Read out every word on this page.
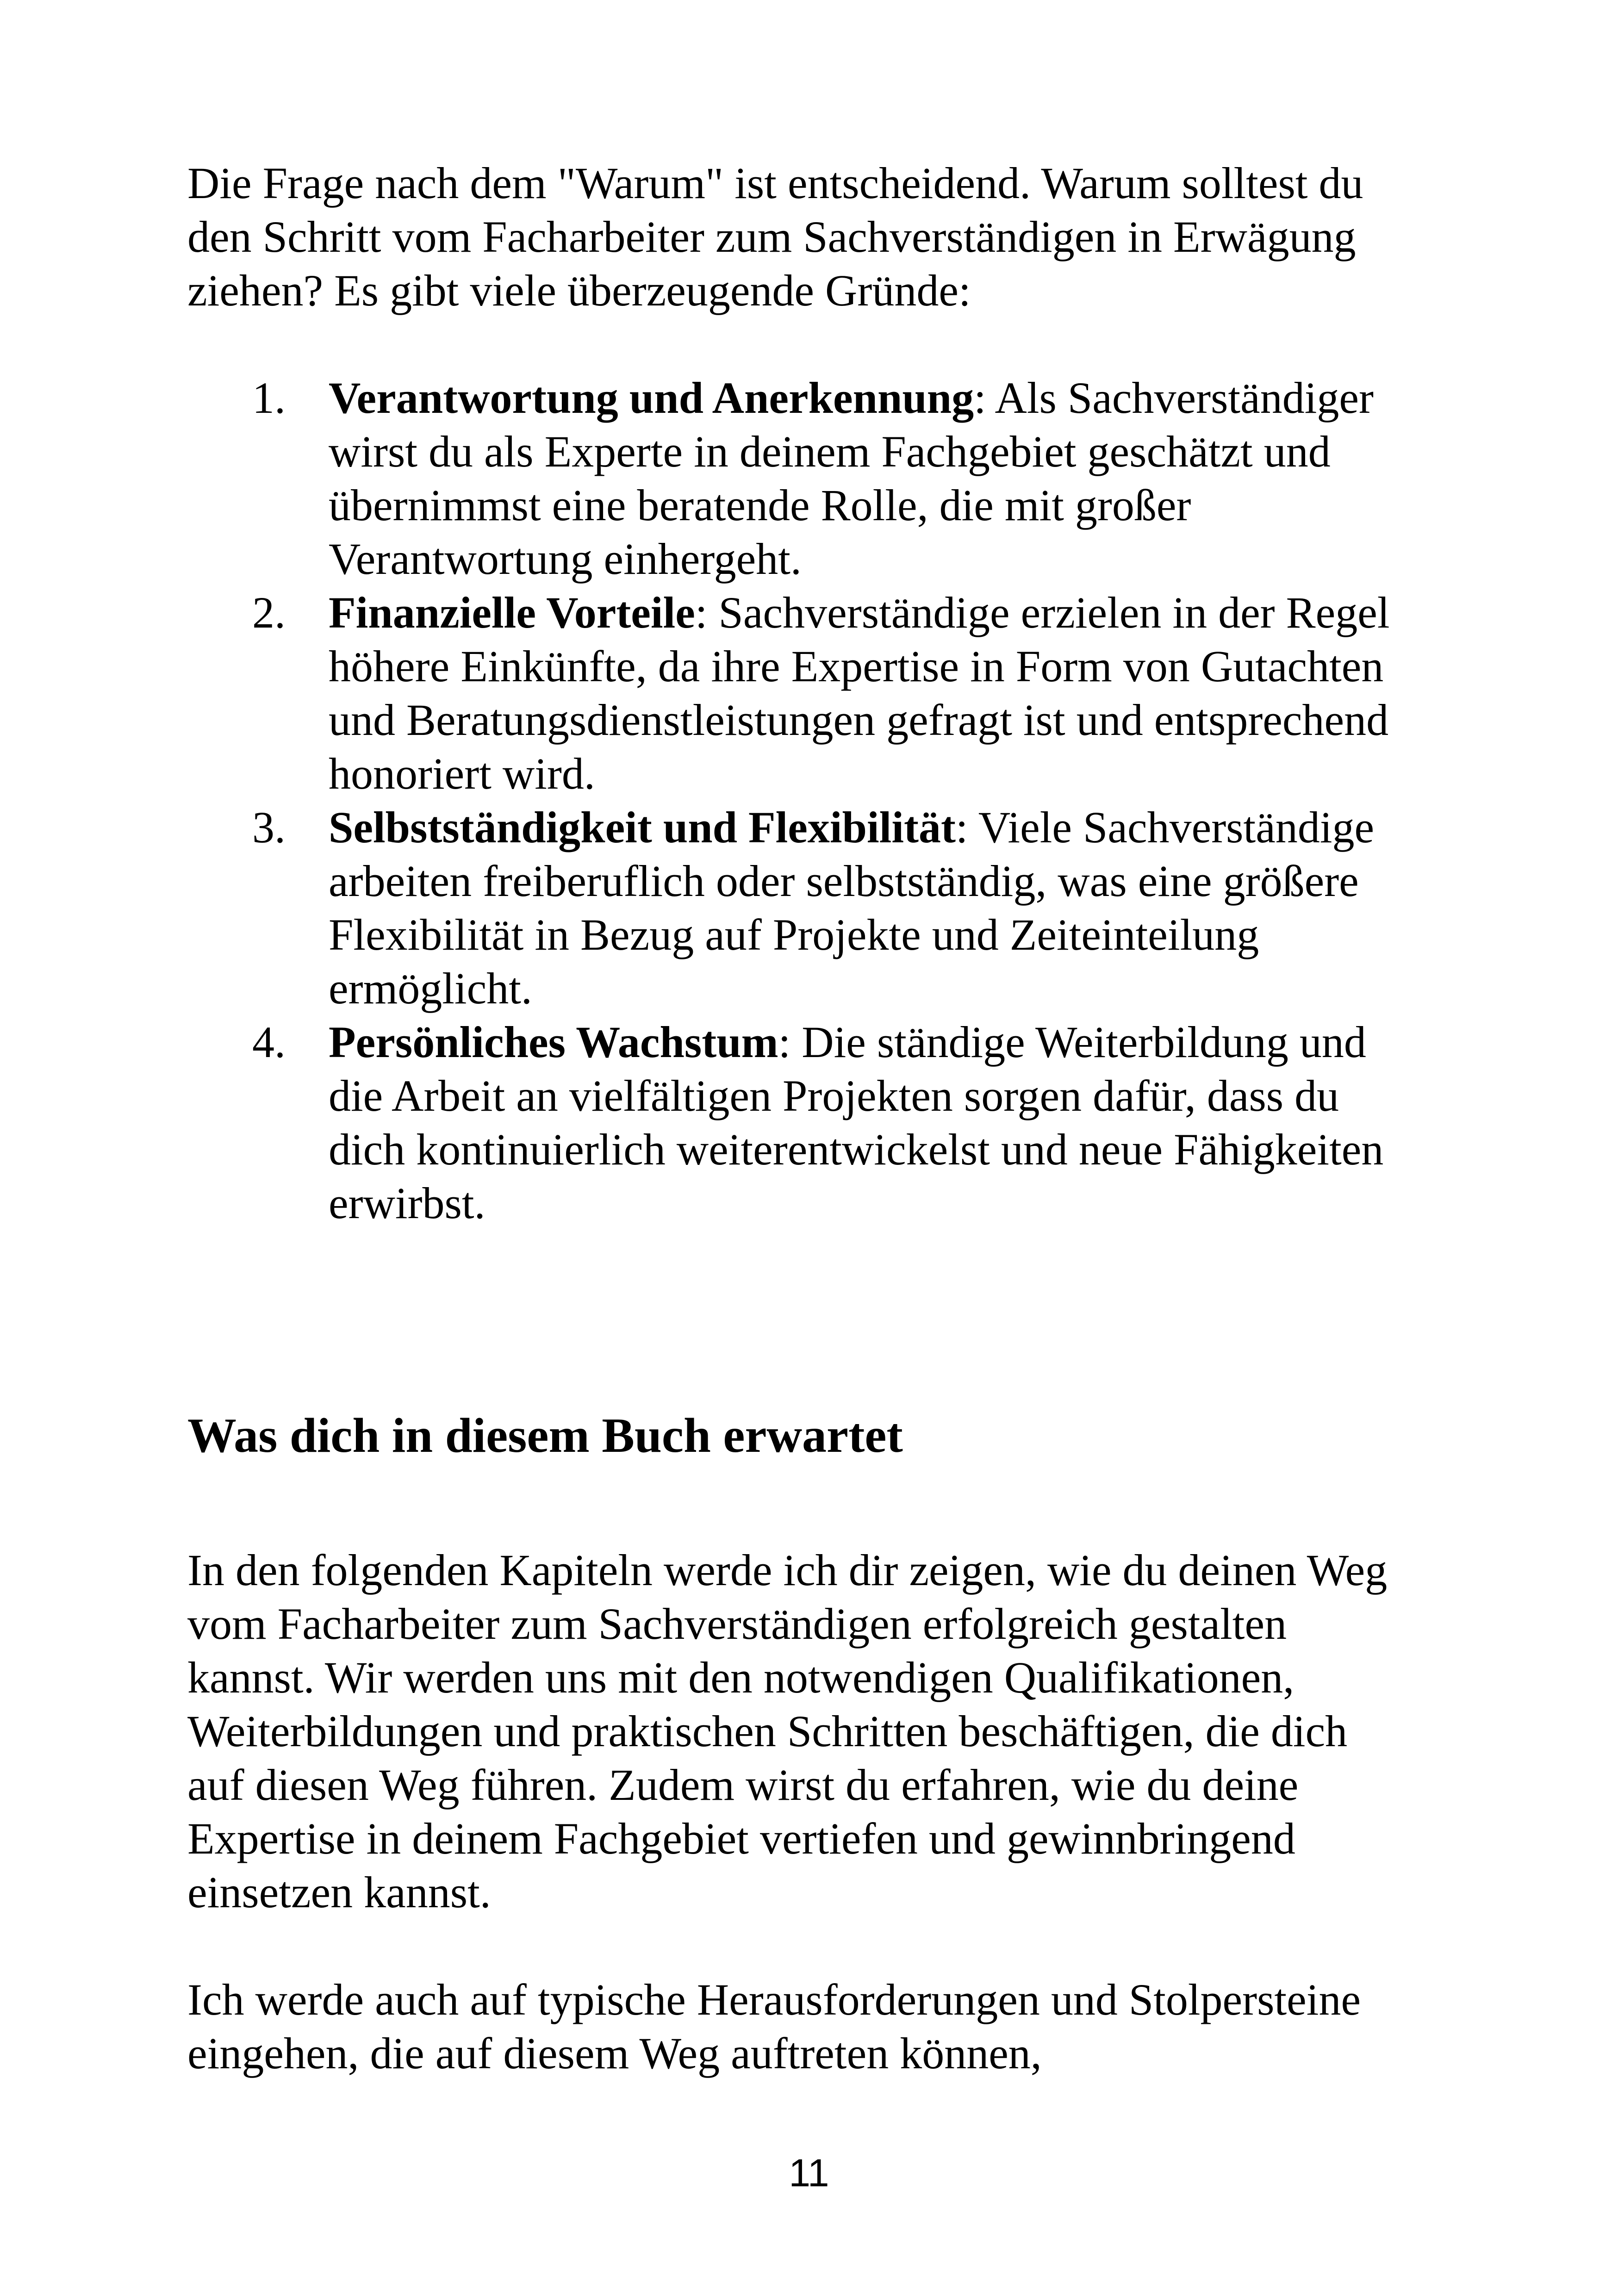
Die Frage nach dem "Warum" ist entscheidend. Warum solltest du den Schritt vom Facharbeiter zum Sachverständigen in Erwägung ziehen? Es gibt viele überzeugende Gründe:

1. Verantwortung und Anerkennung: Als Sachverständiger wirst du als Experte in deinem Fachgebiet geschätzt und übernimmst eine beratende Rolle, die mit großer Verantwortung einhergeht.
2. Finanzielle Vorteile: Sachverständige erzielen in der Regel höhere Einkünfte, da ihre Expertise in Form von Gutachten und Beratungsdienstleistungen gefragt ist und entsprechend honoriert wird.
3. Selbstständigkeit und Flexibilität: Viele Sachverständige arbeiten freiberuflich oder selbstständig, was eine größere Flexibilität in Bezug auf Projekte und Zeiteinteilung ermöglicht.
4. Persönliches Wachstum: Die ständige Weiterbildung und die Arbeit an vielfältigen Projekten sorgen dafür, dass du dich kontinuierlich weiterentwickelst und neue Fähigkeiten erwirbst.
Was dich in diesem Buch erwartet

In den folgenden Kapiteln werde ich dir zeigen, wie du deinen Weg vom Facharbeiter zum Sachverständigen erfolgreich gestalten kannst. Wir werden uns mit den notwendigen Qualifikationen, Weiterbildungen und praktischen Schritten beschäftigen, die dich auf diesen Weg führen. Zudem wirst du erfahren, wie du deine Expertise in deinem Fachgebiet vertiefen und gewinnbringend einsetzen kannst.

Ich werde auch auf typische Herausforderungen und Stolpersteine eingehen, die auf diesem Weg auftreten können,

11
